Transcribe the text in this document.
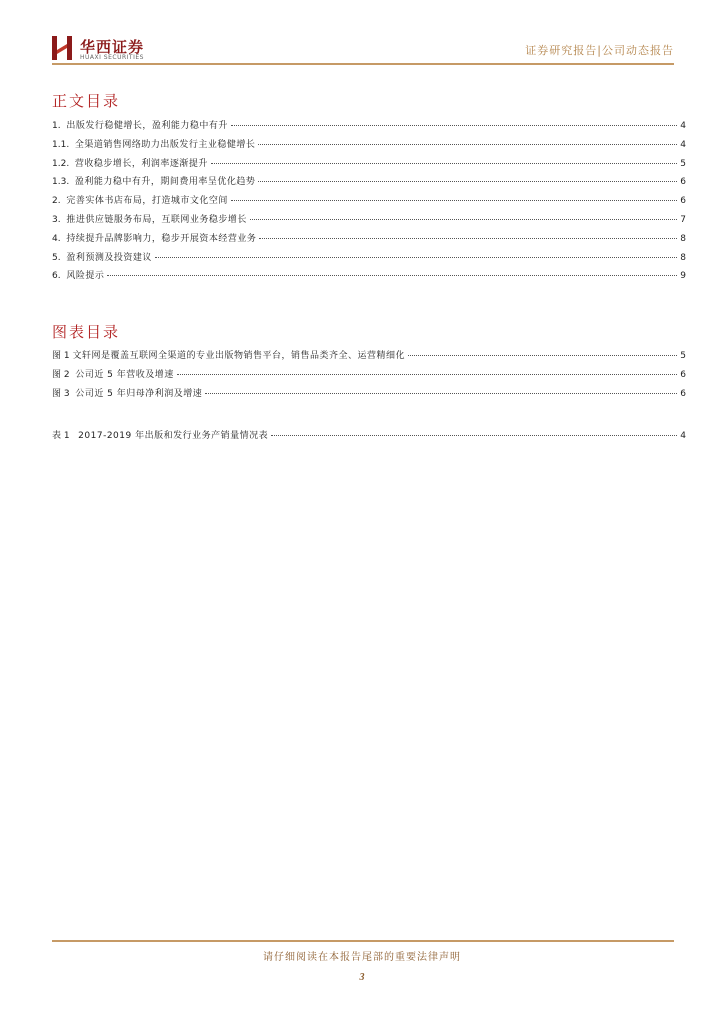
华西证券
HUAXI SECURITIES
证券研究报告|公司动态报告
正文目录
1. 出版发行稳健增长，盈利能力稳中有升	4
1.1. 全渠道销售网络助力出版发行主业稳健增长	4
1.2. 营收稳步增长，利润率逐渐提升	5
1.3. 盈利能力稳中有升，期间费用率呈优化趋势	6
2. 完善实体书店布局，打造城市文化空间	6
3. 推进供应链服务布局，互联网业务稳步增长	7
4. 持续提升品牌影响力，稳步开展资本经营业务	8
5. 盈利预测及投资建议	8
6. 风险提示	9
图表目录
图 1 文轩网是覆盖互联网全渠道的专业出版物销售平台，销售品类齐全、运营精细化	5
图 2 公司近 5 年营收及增速	6
图 3 公司近 5 年归母净利润及增速	6
表 1 2017-2019 年出版和发行业务产销量情况表	4
请仔细阅读在本报告尾部的重要法律声明
3
